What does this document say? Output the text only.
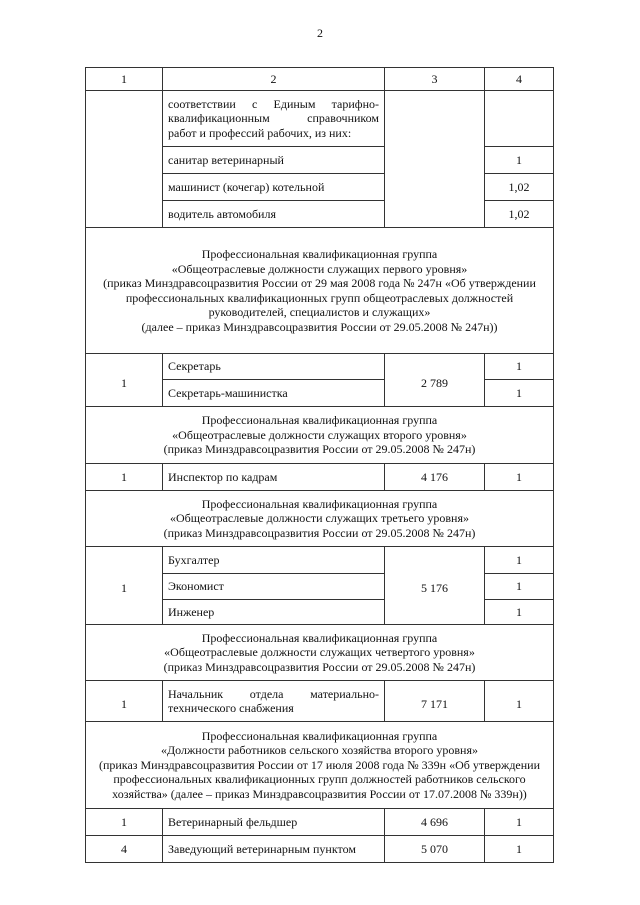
2
1	2	3	4

	соответствии с Единым тарифно-
квалификационным справочником
работ и профессий рабочих, из них:		

	санитар ветеринарный		1
	машинист (кочегар) котельной		1,02
	водитель автомобиля		1,02

Профессиональная квалификационная группа
«Общеотраслевые должности служащих первого уровня»
(приказ Минздравсоцразвития России от 29 мая 2008 года № 247н «Об утверждении профессиональных квалификационных групп общеотраслевых должностей руководителей, специалистов и служащих»
(далее – приказ Минздравсоцразвития России от 29.05.2008 № 247н))			

1	Секретарь	2 789	1
	Секретарь-машинистка		1

Профессиональная квалификационная группа
«Общеотраслевые должности служащих второго уровня»
(приказ Минздравсоцразвития России от 29.05.2008 № 247н)			

1	Инспектор по кадрам	4 176	1

Профессиональная квалификационная группа
«Общеотраслевые должности служащих третьего уровня»
(приказ Минздравсоцразвития России от 29.05.2008 № 247н)			

1	Бухгалтер	5 176	1
	Экономист		1
	Инженер		1

Профессиональная квалификационная группа
«Общеотраслевые должности служащих четвертого уровня»
(приказ Минздравсоцразвития России от 29.05.2008 № 247н)			

1	Начальник отдела материально-
технического снабжения	7 171	1

Профессиональная квалификационная группа
«Должности работников сельского хозяйства второго уровня»
(приказ Минздравсоцразвития России от 17 июля 2008 года № 339н «Об утверждении профессиональных квалификационных групп должностей работников сельского хозяйства» (далее – приказ Минздравсоцразвития России от 17.07.2008 № 339н))			

1	Ветеринарный фельдшер	4 696	1
4	Заведующий ветеринарным пунктом	5 070	1
